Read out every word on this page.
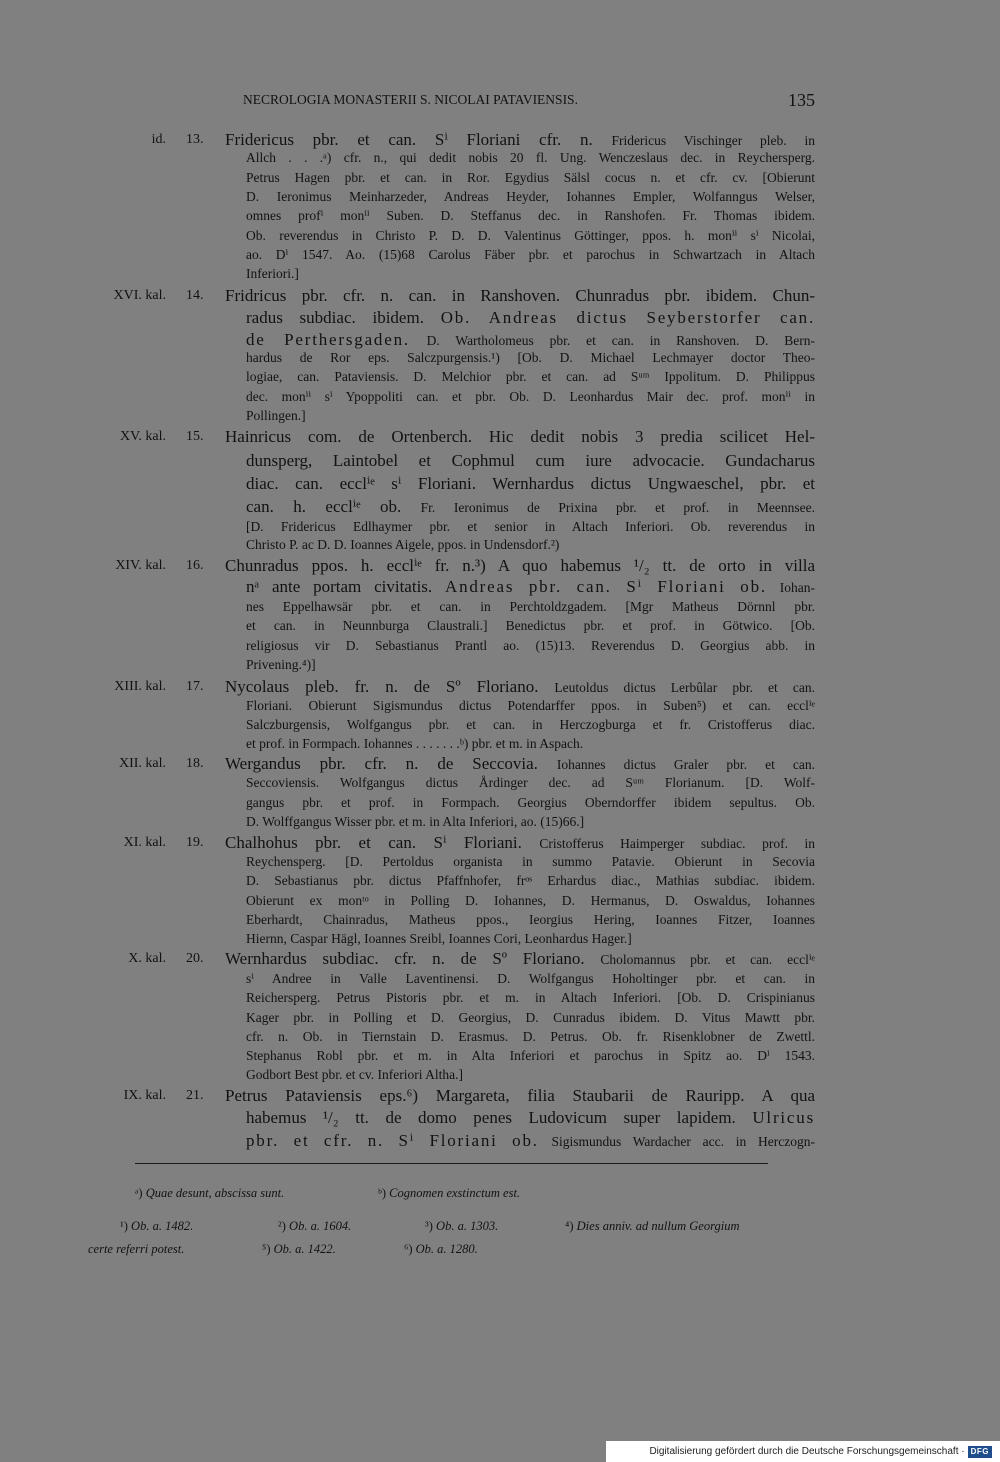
NECROLOGIA MONASTERII S. NICOLAI PATAVIENSIS.	135
id. 13. Fridericus pbr. et can. Sⁱ Floriani cfr. n. Fridericus Vischinger pleb. in
Allch . . .ᵃ) cfr. n., qui dedit nobis 20 fl. Ung. Wenczeslaus dec. in Reychersperg.
Petrus Hagen pbr. et can. in Ror. Egydius Sälsl cocus n. et cfr. cv. [Obierunt
D. Ieronimus Meinharzeder, Andreas Heyder, Iohannes Empler, Wolfanngus Welser,
omnes profⁱ monⁱⁱ Suben. D. Steffanus dec. in Ranshofen. Fr. Thomas ibidem.
Ob. reverendus in Christo P. D. D. Valentinus Göttinger, ppos. h. monⁱⁱ sⁱ Nicolai,
ao. Dⁱ 1547. Ao. (15)68 Carolus Fäber pbr. et parochus in Schwartzach in Altach
Inferiori.]
XVI. kal. 14. Fridricus pbr. cfr. n. can. in Ranshoven. Chunradus pbr. ibidem. Chun-
radus subdiac. ibidem. Ob. Andreas dictus Seyberstorfer can.
de Perthersgaden. D. Wartholomeus pbr. et can. in Ranshoven. D. Bern-
hardus de Ror eps. Salczpurgensis.¹) [Ob. D. Michael Lechmayer doctor Theo-
logiae, can. Pataviensis. D. Melchior pbr. et can. ad Sᵘᵐ Ippolitum. D. Philippus
dec. monⁱⁱ sⁱ Ypoppoliti can. et pbr. Ob. D. Leonhardus Mair dec. prof. monⁱⁱ in
Pollingen.]
XV. kal. 15. Hainricus com. de Ortenberch. Hic dedit nobis 3 predia scilicet Hel-
dunsperg, Laintobel et Cophmul cum iure advocacie. Gundacharus
diac. can. ecclⁱᵉ sⁱ Floriani. Wernhardus dictus Ungwaeschel, pbr. et
can. h. ecclⁱᵉ ob. Fr. Ieronimus de Prixina pbr. et prof. in Meennsee.
[D. Fridericus Edlhaymer pbr. et senior in Altach Inferiori. Ob. reverendus in
Christo P. ac D. D. Ioannes Aigele, ppos. in Undensdorf.²)
XIV. kal. 16. Chunradus ppos. h. ecclⁱᵉ fr. n.³) A quo habemus ¹/₂ tt. de orto in villa
nᵃ ante portam civitatis. Andreas pbr. can. Sⁱ Floriani ob. Iohan-
nes Eppelhawsär pbr. et can. in Perchtoldzgadem. [Mgr Matheus Dörnnl pbr.
et can. in Neunnburga Claustrali.] Benedictus pbr. et prof. in Götwico. [Ob.
religiosus vir D. Sebastianus Prantl ao. (15)13. Reverendus D. Georgius abb. in
Privening.⁴)]
XIII. kal. 17. Nycolaus pleb. fr. n. de Sº Floriano. Leutoldus dictus Lerbûlar pbr. et can.
Floriani. Obierunt Sigismundus dictus Potendarffer ppos. in Suben⁵) et can. ecclⁱᵉ
Salczburgensis, Wolfgangus pbr. et can. in Herczogburga et fr. Cristofferus diac.
et prof. in Formpach. Iohannes . . . . . . .ᵇ) pbr. et m. in Aspach.
XII. kal. 18. Wergandus pbr. cfr. n. de Seccovia. Iohannes dictus Graler pbr. et can.
Seccoviensis. Wolfgangus dictus Årdinger dec. ad Sᵘᵐ Florianum. [D. Wolf-
gangus pbr. et prof. in Formpach. Georgius Oberndorffer ibidem sepultus. Ob.
D. Wolffgangus Wisser pbr. et m. in Alta Inferiori, ao. (15)66.]
XI. kal. 19. Chalhohus pbr. et can. Sⁱ Floriani. Cristofferus Haimperger subdiac. prof. in
Reychensperg. [D. Pertoldus organista in summo Patavie. Obierunt in Secovia
D. Sebastianus pbr. dictus Pfaffnhofer, frᵒˢ Erhardus diac., Mathias subdiac. ibidem.
Obierunt ex monᵗᵒ in Polling D. Iohannes, D. Hermanus, D. Oswaldus, Iohannes
Eberhardt, Chainradus, Matheus ppos., Ieorgius Hering, Ioannes Fitzer, Ioannes
Hiernn, Caspar Hägl, Ioannes Sreibl, Ioannes Cori, Leonhardus Hager.]
X. kal. 20. Wernhardus subdiac. cfr. n. de Sº Floriano. Cholomannus pbr. et can. ecclⁱᵉ
sⁱ Andree in Valle Laventinensi. D. Wolfgangus Hoholtinger pbr. et can. in
Reichersperg. Petrus Pistoris pbr. et m. in Altach Inferiori. [Ob. D. Crispinianus
Kager pbr. in Polling et D. Georgius, D. Cunradus ibidem. D. Vitus Mawtt pbr.
cfr. n. Ob. in Tiernstain D. Erasmus. D. Petrus. Ob. fr. Risenklobner de Zwettl.
Stephanus Robl pbr. et m. in Alta Inferiori et parochus in Spitz ao. Dⁱ 1543.
Godbort Best pbr. et cv. Inferiori Altha.]
IX. kal. 21. Petrus Pataviensis eps.⁶) Margareta, filia Staubarii de Rauripp. A qua
habemus ¹/₂ tt. de domo penes Ludovicum super lapidem. Ulricus
pbr. et cfr. n. Sⁱ Floriani ob. Sigismundus Wardacher acc. in Herczogn-
ᵃ) Quae desunt, abscissa sunt.	ᵇ) Cognomen exstinctum est.
¹) Ob. a. 1482.	²) Ob. a. 1604.	³) Ob. a. 1303.	⁴) Dies anniv. ad nullum Georgium
certe referri potest.	⁵) Ob. a. 1422.	⁶) Ob. a. 1280.
Digitalisierung gefördert durch die Deutsche Forschungsgemeinschaft · DFG
